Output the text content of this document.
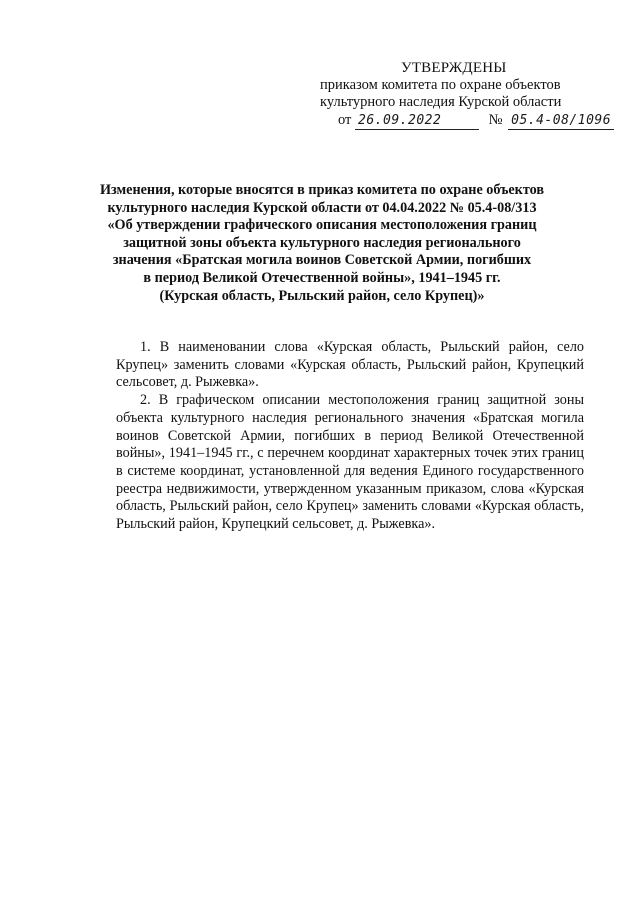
УТВЕРЖДЕНЫ
приказом комитета по охране объектов
культурного наследия Курской области
от 26.09.2022	№ 05.4-08/1096
Изменения, которые вносятся в приказ комитета по охране объектов
культурного наследия Курской области от 04.04.2022 № 05.4-08/313
«Об утверждении графического описания местоположения границ
защитной зоны объекта культурного наследия регионального
значения «Братская могила воинов Советской Армии, погибших
в период Великой Отечественной войны», 1941–1945 гг.
(Курская область, Рыльский район, село Крупец)»

1. В наименовании слова «Курская область, Рыльский район, село Крупец» заменить словами «Курская область, Рыльский район, Крупецкий сельсовет, д. Рыжевка».

2. В графическом описании местоположения границ защитной зоны объекта культурного наследия регионального значения «Братская могила воинов Советской Армии, погибших в период Великой Отечественной войны», 1941–1945 гг., с перечнем координат характерных точек этих границ в системе координат, установленной для ведения Единого государственного реестра недвижимости, утвержденном указанным приказом, слова «Курская область, Рыльский район, село Крупец» заменить словами «Курская область, Рыльский район, Крупецкий сельсовет, д. Рыжевка».
